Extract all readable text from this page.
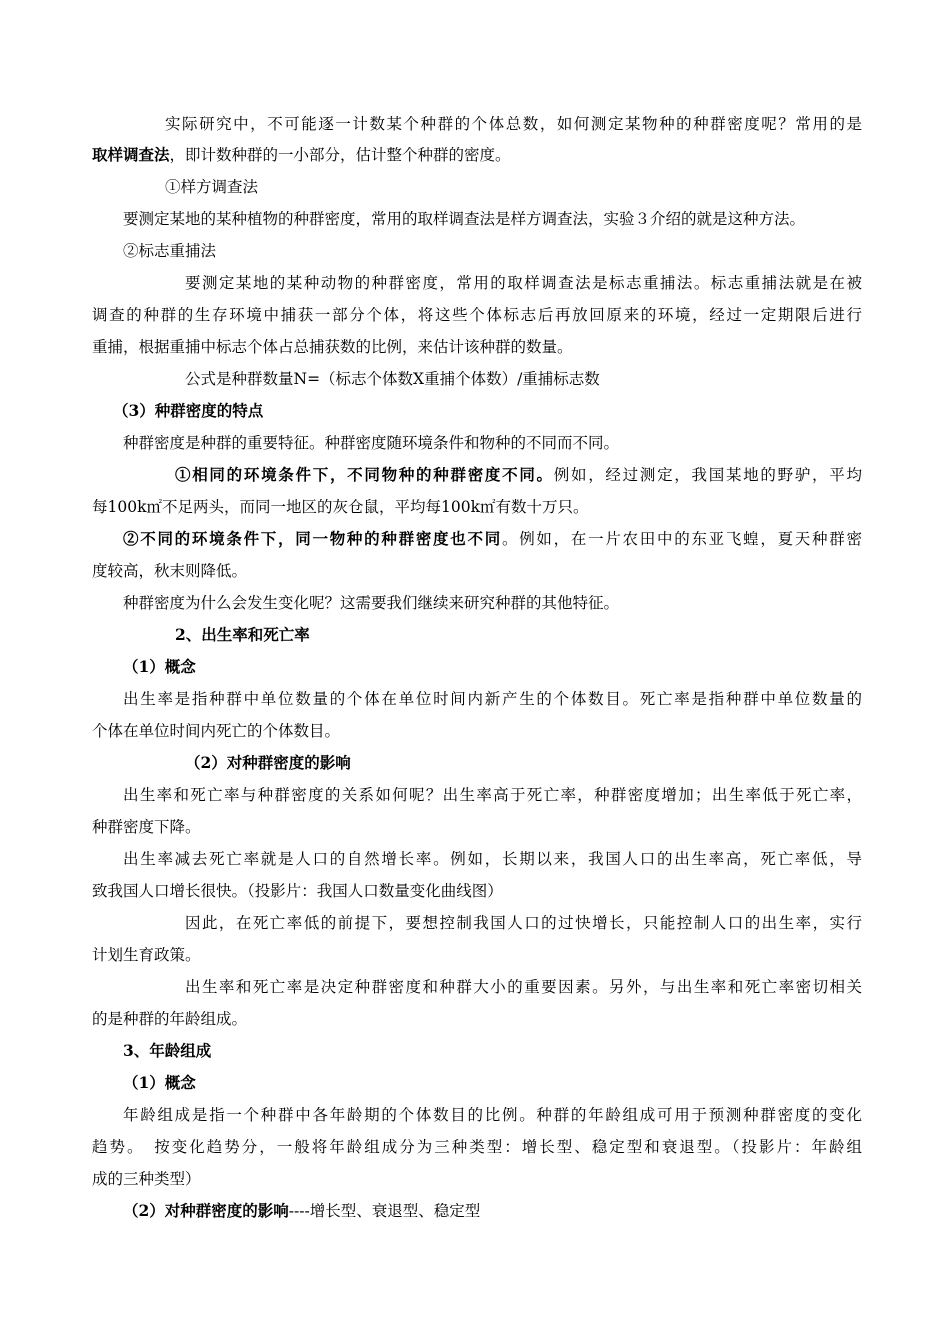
实际研究中，不可能逐一计数某个种群的个体总数，如何测定某物种的种群密度呢？常用的是
取样调查法，即计数种群的一小部分，估计整个种群的密度。
①样方调查法
要测定某地的某种植物的种群密度，常用的取样调查法是样方调查法，实验３介绍的就是这种方法。
②标志重捕法
要测定某地的某种动物的种群密度，常用的取样调查法是标志重捕法。标志重捕法就是在被
调查的种群的生存环境中捕获一部分个体，将这些个体标志后再放回原来的环境，经过一定期限后进行
重捕，根据重捕中标志个体占总捕获数的比例，来估计该种群的数量。
公式是种群数量N=（标志个体数X重捕个体数）/重捕标志数
（3）种群密度的特点
种群密度是种群的重要特征。种群密度随环境条件和物种的不同而不同。
①相同的环境条件下，不同物种的种群密度不同。例如，经过测定，我国某地的野驴，平均
每100k㎡不足两头，而同一地区的灰仓鼠，平均每100k㎡有数十万只。
②不同的环境条件下，同一物种的种群密度也不同。例如，在一片农田中的东亚飞蝗，夏天种群密
度较高，秋末则降低。
种群密度为什么会发生变化呢？这需要我们继续来研究种群的其他特征。
2、出生率和死亡率
（1）概念
出生率是指种群中单位数量的个体在单位时间内新产生的个体数目。死亡率是指种群中单位数量的
个体在单位时间内死亡的个体数目。
（2）对种群密度的影响
出生率和死亡率与种群密度的关系如何呢？出生率高于死亡率，种群密度增加；出生率低于死亡率，
种群密度下降。
出生率减去死亡率就是人口的自然增长率。例如，长期以来，我国人口的出生率高，死亡率低，导
致我国人口增长很快。（投影片：我国人口数量变化曲线图）
因此，在死亡率低的前提下，要想控制我国人口的过快增长，只能控制人口的出生率，实行
计划生育政策。
出生率和死亡率是决定种群密度和种群大小的重要因素。另外，与出生率和死亡率密切相关
的是种群的年龄组成。
3、年龄组成
（1）概念
年龄组成是指一个种群中各年龄期的个体数目的比例。种群的年龄组成可用于预测种群密度的变化
趋势。　按变化趋势分，一般将年龄组成分为三种类型：增长型、稳定型和衰退型。（投影片：年龄组
成的三种类型）
（2）对种群密度的影响----增长型、衰退型、稳定型
